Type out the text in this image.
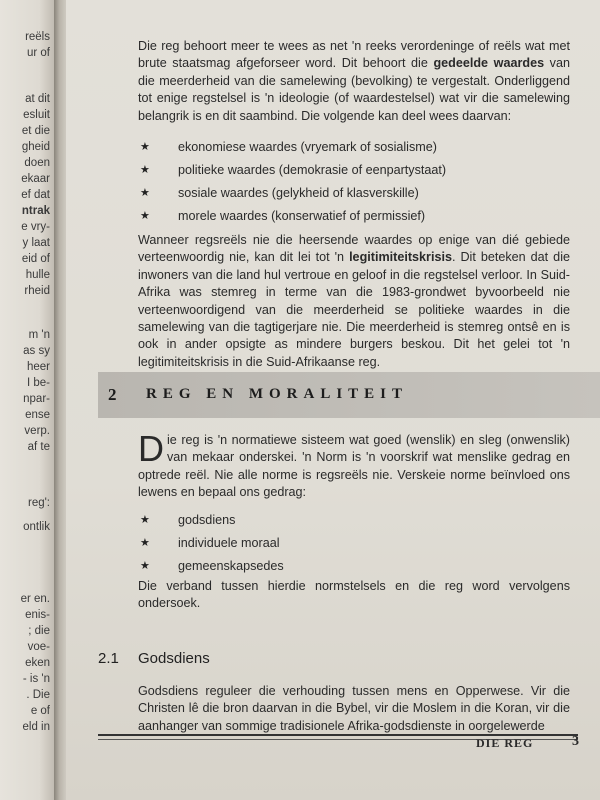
reëls
ur of
at dit
esluit
et die
gheid
doen
ekaar
ef dat
ntrak
e vry-
y laat
eid of
hulle
rheid
m 'n
as sy
heer
I be-
npar-
ense
verp.
af te
reg':
ontlik
er en.
enis-
; die
voe-
eken
- is 'n
. Die
e of
eld in

Die reg behoort meer te wees as net 'n reeks verordeninge of reëls wat met brute staatsmag afgeforseer word. Dit behoort die gedeelde waardes van die meerderheid van die samelewing (bevolking) te vergestalt. Onderliggend tot enige regstelsel is 'n ideologie (of waardestelsel) wat vir die samelewing belangrik is en dit saambind. Die volgende kan deel wees daarvan:

★ ekonomiese waardes (vryemark of sosialisme)
★ politieke waardes (demokrasie of eenpartystaat)
★ sosiale waardes (gelykheid of klasverskille)
★ morele waardes (konserwatief of permissief)

Wanneer regsreëls nie die heersende waardes op enige van dié gebiede verteenwoordig nie, kan dit lei tot 'n legitimiteitskrisis. Dit beteken dat die inwoners van die land hul vertroue en geloof in die regstelsel verloor. In Suid-Afrika was stemreg in terme van die 1983-grondwet byvoorbeeld nie verteenwoordigend van die meerderheid se politieke waardes in die samelewing van die tagtigerjare nie. Die meerderheid is stemreg ontsê en is ook in ander opsigte as mindere burgers beskou. Dit het gelei tot 'n legitimiteitskrisis in die Suid-Afrikaanse reg.

2 REG EN MORALITEIT

Die reg is 'n normatiewe sisteem wat goed (wenslik) en sleg (onwenslik) van mekaar onderskei. 'n Norm is 'n voorskrif wat menslike gedrag en optrede reël. Nie alle norme is regsreëls nie. Verskeie norme beïnvloed ons lewens en bepaal ons gedrag:

★ godsdiens
★ individuele moraal
★ gemeenskapsedes

Die verband tussen hierdie normstelsels en die reg word vervolgens ondersoek.

2.1 Godsdiens

Godsdiens reguleer die verhouding tussen mens en Opperwese. Vir die Christen lê die bron daarvan in die Bybel, vir die Moslem in die Koran, vir die aanhanger van sommige tradisionele Afrika-godsdienste in oorgelewerde

DIE REG	3
